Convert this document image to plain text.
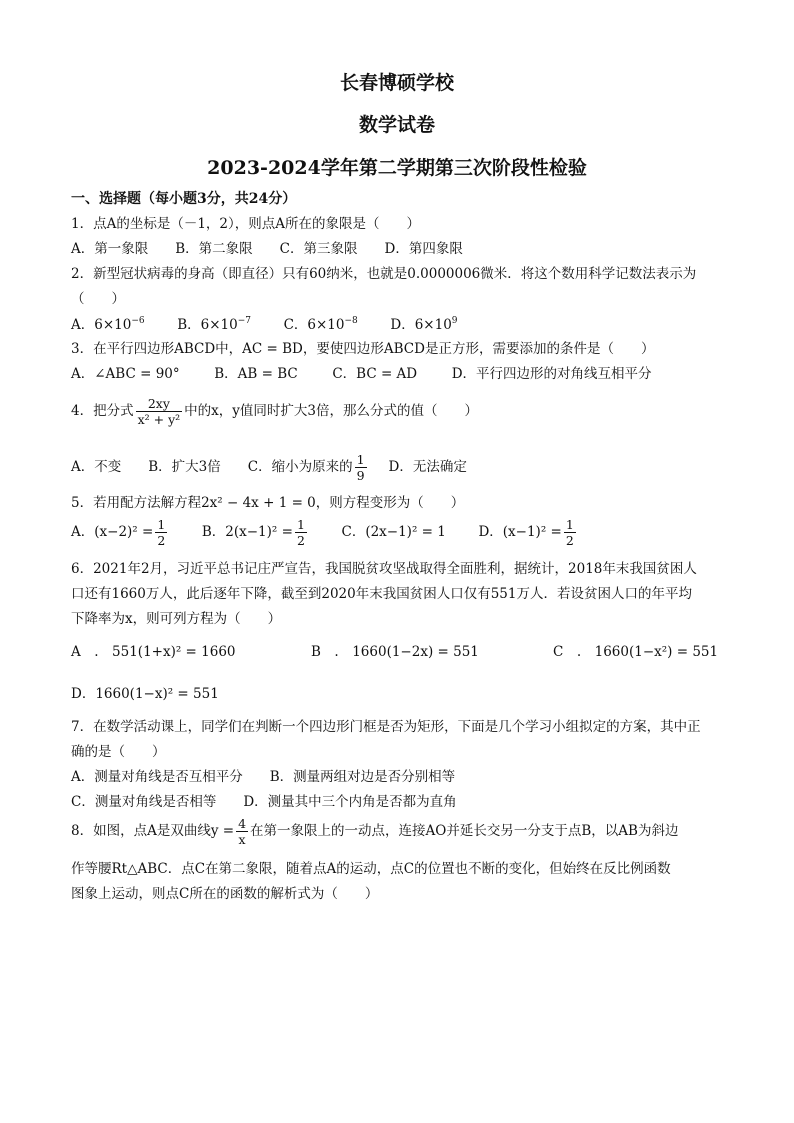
长春博硕学校
数学试卷
2023-2024学年第二学期第三次阶段性检验
一、选择题（每小题3分，共24分）
1．点A的坐标是（－1，2），则点A所在的象限是（　　）
A．第一象限　　B．第二象限　　C．第三象限　　D．第四象限
2．新型冠状病毒的身高（即直径）只有60纳米，也就是0.0000006微米．将这个数用科学记数法表示为
（　　）
A．$6\times 10^{-6}$ B．$6\times 10^{-7}$ C．$6\times 10^{-8}$ D．$6\times 10^9$
3．在平行四边形ABCD中，AC = BD，要使四边形ABCD是正方形，需要添加的条件是（　　）
A．∠ABC = 90°	B．AB = BC	C．BC = AD	D．平行四边形的对角线互相平分
4．把分式 $\frac{2xy}{\text{x² + y²}}$ 中的x，y值同时扩大3倍，那么分式的值（　　）
A．不变　　B．扩大3倍　　C．缩小为原来的 $\frac{1}{9}$ D．无法确定
5．若用配方法解方程2x² − 4x + 1 = 0，则方程变形为（　　）
A．$(x-2)^2 = \frac{1}{2}$	B．$2(x-1)^2 = \frac{1}{2}$	C．(2x−1)² = 1 D．$(x-1)^2 = \frac{1}{2}$
6．2021年2月，习近平总书记庄严宣告，我国脱贫攻坚战取得全面胜利，据统计，2018年末我国贫困人
口还有1660万人，此后逐年下降，截至到2020年末我国贫困人口仅有551万人．若设贫困人口的年平均
下降率为x，则可列方程为（　　）
A　.　551(1+x)² = 1660	B　.　1660(1−2x) = 551	C　.　1660(1−x²) = 551
D．1660(1−x)² = 551
7．在数学活动课上，同学们在判断一个四边形门框是否为矩形，下面是几个学习小组拟定的方案，其中正
确的是（　　）
A．测量对角线是否互相平分　　B．测量两组对边是否分别相等
C．测量对角线是否相等　　D．测量其中三个内角是否都为直角
8．如图，点A是双曲线$y = \frac{4}{x}$ 在第一象限上的一动点，连接AO并延长交另一分支于点B，以AB为斜边
作等腰Rt△ABC．点C在第二象限，随着点A的运动，点C的位置也不断的变化，但始终在反比例函数
图象上运动，则点C所在的函数的解析式为（　　）
